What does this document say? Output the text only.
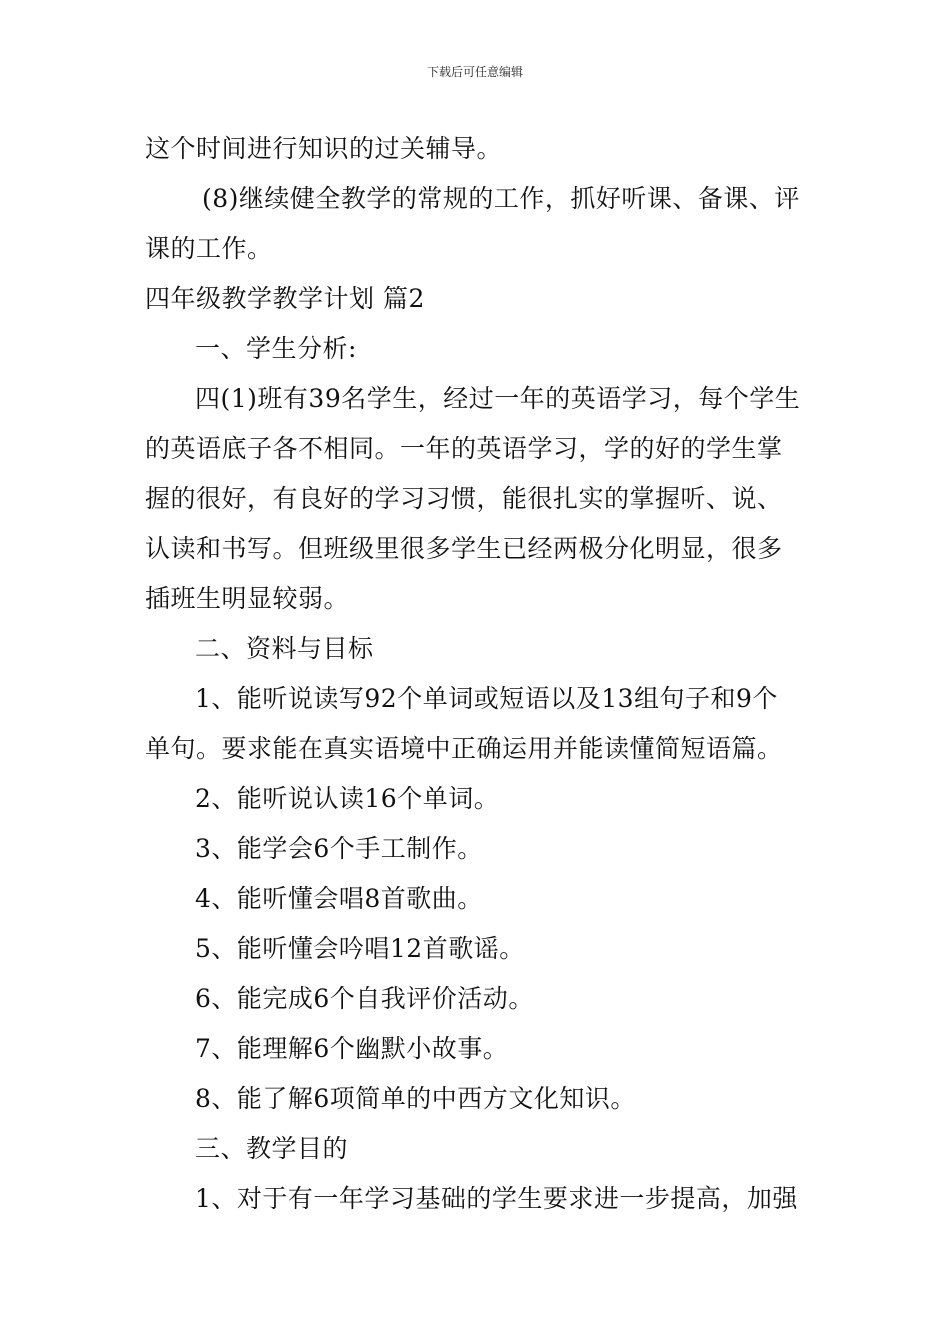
下载后可任意编辑
这个时间进行知识的过关辅导。
(8)继续健全教学的常规的工作，抓好听课、备课、评
课的工作。
四年级教学教学计划 篇2
一、学生分析:
四(1)班有39名学生，经过一年的英语学习，每个学生
的英语底子各不相同。一年的英语学习，学的好的学生掌
握的很好，有良好的学习习惯，能很扎实的掌握听、说、
认读和书写。但班级里很多学生已经两极分化明显，很多
插班生明显较弱。
二、资料与目标
1、能听说读写92个单词或短语以及13组句子和9个
单句。要求能在真实语境中正确运用并能读懂简短语篇。
2、能听说认读16个单词。
3、能学会6个手工制作。
4、能听懂会唱8首歌曲。
5、能听懂会吟唱12首歌谣。
6、能完成6个自我评价活动。
7、能理解6个幽默小故事。
8、能了解6项简单的中西方文化知识。
三、教学目的
1、对于有一年学习基础的学生要求进一步提高，加强
